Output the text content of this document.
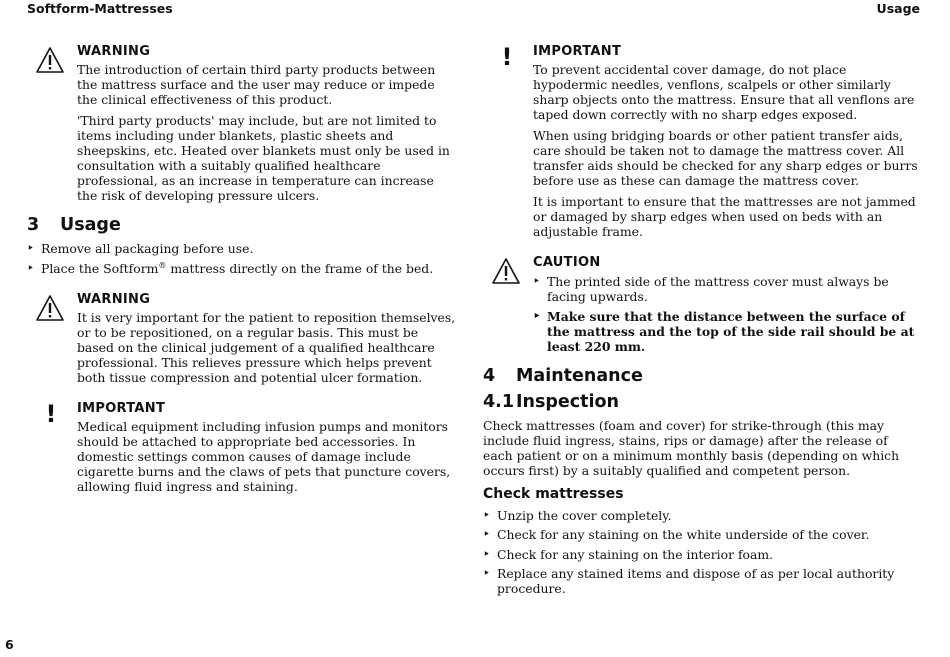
Softform-Mattresses	Usage
WARNING

The introduction of certain third party products between the mattress surface and the user may reduce or impede the clinical effectiveness of this product.

'Third party products' may include, but are not limited to items including under blankets, plastic sheets and sheepskins, etc. Heated over blankets must only be used in consultation with a suitably qualified healthcare professional, as an increase in temperature can increase the risk of developing pressure ulcers.

3	Usage
‣ Remove all packaging before use.
‣ Place the Softform® mattress directly on the frame of the bed.
WARNING

It is very important for the patient to reposition themselves, or to be repositioned, on a regular basis. This must be based on the clinical judgement of a qualified healthcare professional. This relieves pressure which helps prevent both tissue compression and potential ulcer formation.

!	IMPORTANT

Medical equipment including infusion pumps and monitors should be attached to appropriate bed accessories. In domestic settings common causes of damage include cigarette burns and the claws of pets that puncture covers, allowing fluid ingress and staining.

!	IMPORTANT

To prevent accidental cover damage, do not place hypodermic needles, venflons, scalpels or other similarly sharp objects onto the mattress. Ensure that all venflons are taped down correctly with no sharp edges exposed.

When using bridging boards or other patient transfer aids, care should be taken not to damage the mattress cover. All transfer aids should be checked for any sharp edges or burrs before use as these can damage the mattress cover.

It is important to ensure that the mattresses are not jammed or damaged by sharp edges when used on beds with an adjustable frame.

CAUTION
‣ The printed side of the mattress cover must always be facing upwards.
‣ Make sure that the distance between the surface of the mattress and the top of the side rail should be at least 220 mm.
4	Maintenance
4.1 Inspection

Check mattresses (foam and cover) for strike-through (this may include fluid ingress, stains, rips or damage) after the release of each patient or on a minimum monthly basis (depending on which occurs first) by a suitably qualified and competent person.

Check mattresses
‣ Unzip the cover completely.
‣ Check for any staining on the white underside of the cover.
‣ Check for any staining on the interior foam.
‣ Replace any stained items and dispose of as per local authority procedure.
6
